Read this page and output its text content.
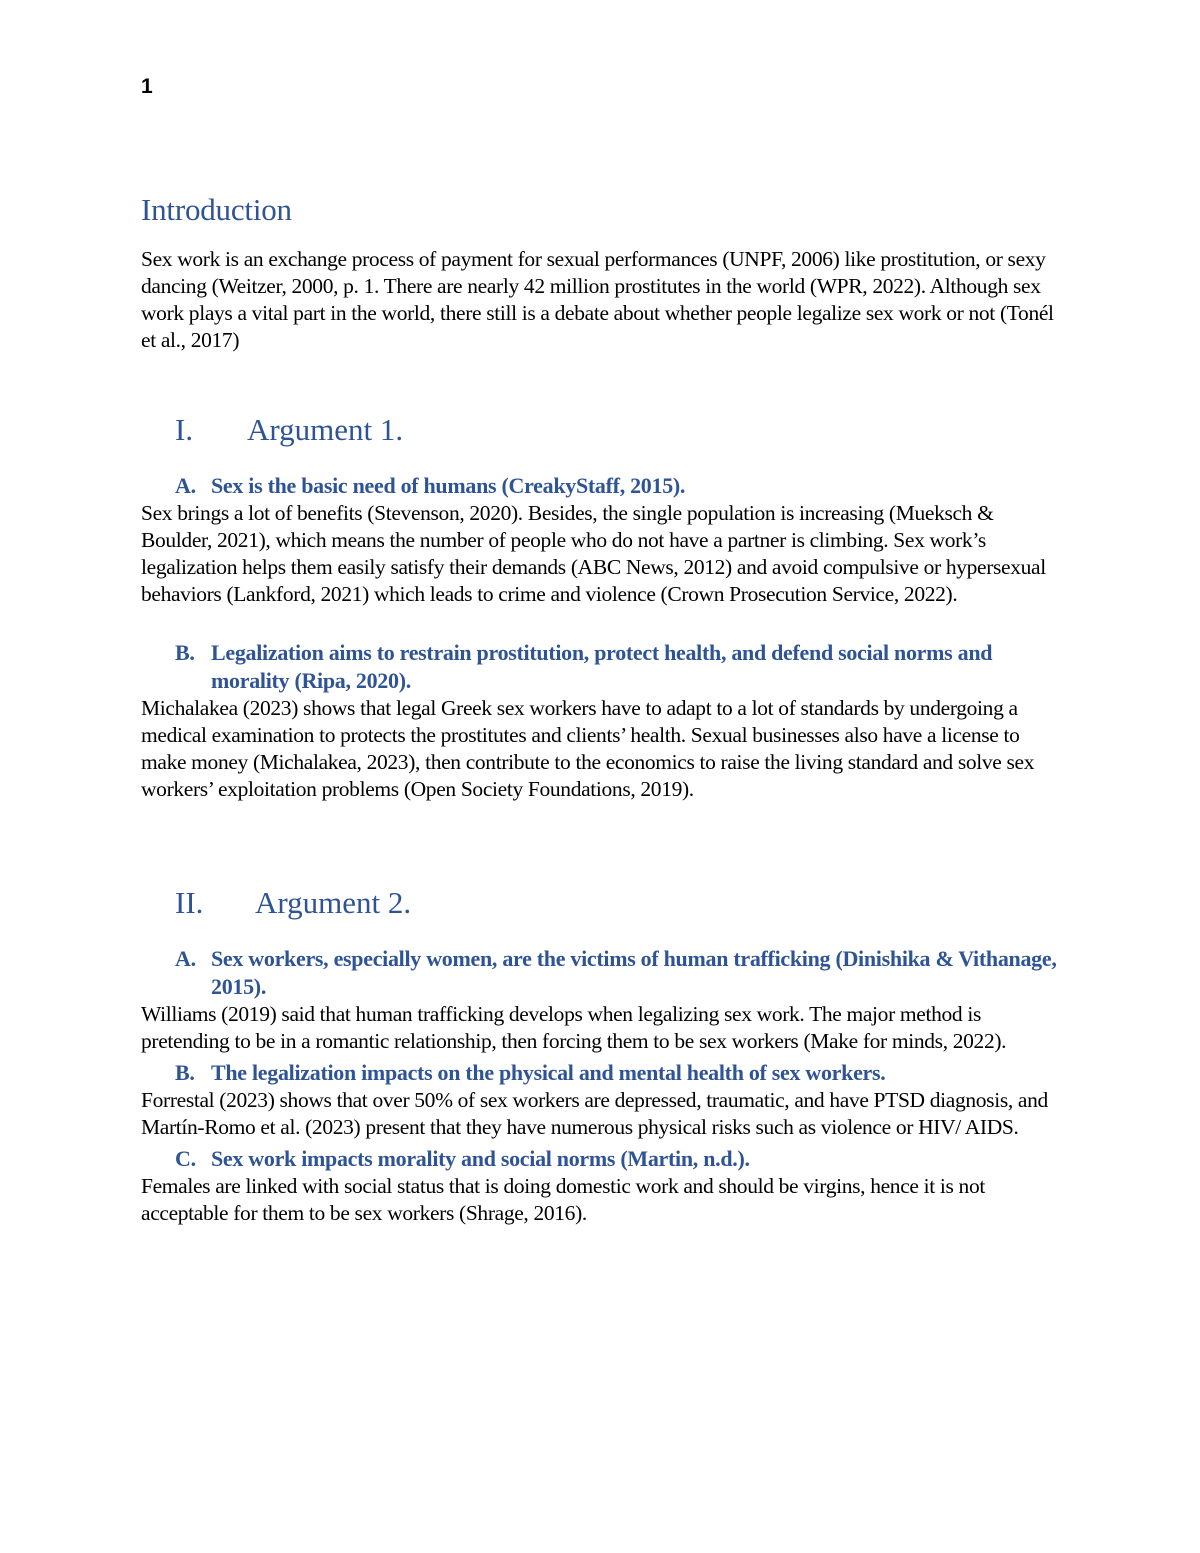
1
Introduction

Sex work is an exchange process of payment for sexual performances (UNPF, 2006) like prostitution, or sexy dancing (Weitzer, 2000, p. 1. There are nearly 42 million prostitutes in the world (WPR, 2022). Although sex work plays a vital part in the world, there still is a debate about whether people legalize sex work or not (Tonél et al., 2017)

I.	Argument 1.
A. Sex is the basic need of humans (CreakyStaff, 2015).

Sex brings a lot of benefits (Stevenson, 2020). Besides, the single population is increasing (Mueksch & Boulder, 2021), which means the number of people who do not have a partner is climbing. Sex work’s legalization helps them easily satisfy their demands (ABC News, 2012) and avoid compulsive or hypersexual behaviors (Lankford, 2021) which leads to crime and violence (Crown Prosecution Service, 2022).

B. Legalization aims to restrain prostitution, protect health, and defend social norms and morality (Ripa, 2020).

Michalakea (2023) shows that legal Greek sex workers have to adapt to a lot of standards by undergoing a medical examination to protects the prostitutes and clients’ health. Sexual businesses also have a license to make money (Michalakea, 2023), then contribute to the economics to raise the living standard and solve sex workers’ exploitation problems (Open Society Foundations, 2019).

II.	Argument 2.
A. Sex workers, especially women, are the victims of human trafficking (Dinishika & Vithanage, 2015).

Williams (2019) said that human trafficking develops when legalizing sex work. The major method is pretending to be in a romantic relationship, then forcing them to be sex workers (Make for minds, 2022).

B. The legalization impacts on the physical and mental health of sex workers.

Forrestal (2023) shows that over 50% of sex workers are depressed, traumatic, and have PTSD diagnosis, and Martín-Romo et al. (2023) present that they have numerous physical risks such as violence or HIV/ AIDS.

C. Sex work impacts morality and social norms (Martin, n.d.).

Females are linked with social status that is doing domestic work and should be virgins, hence it is not acceptable for them to be sex workers (Shrage, 2016).
